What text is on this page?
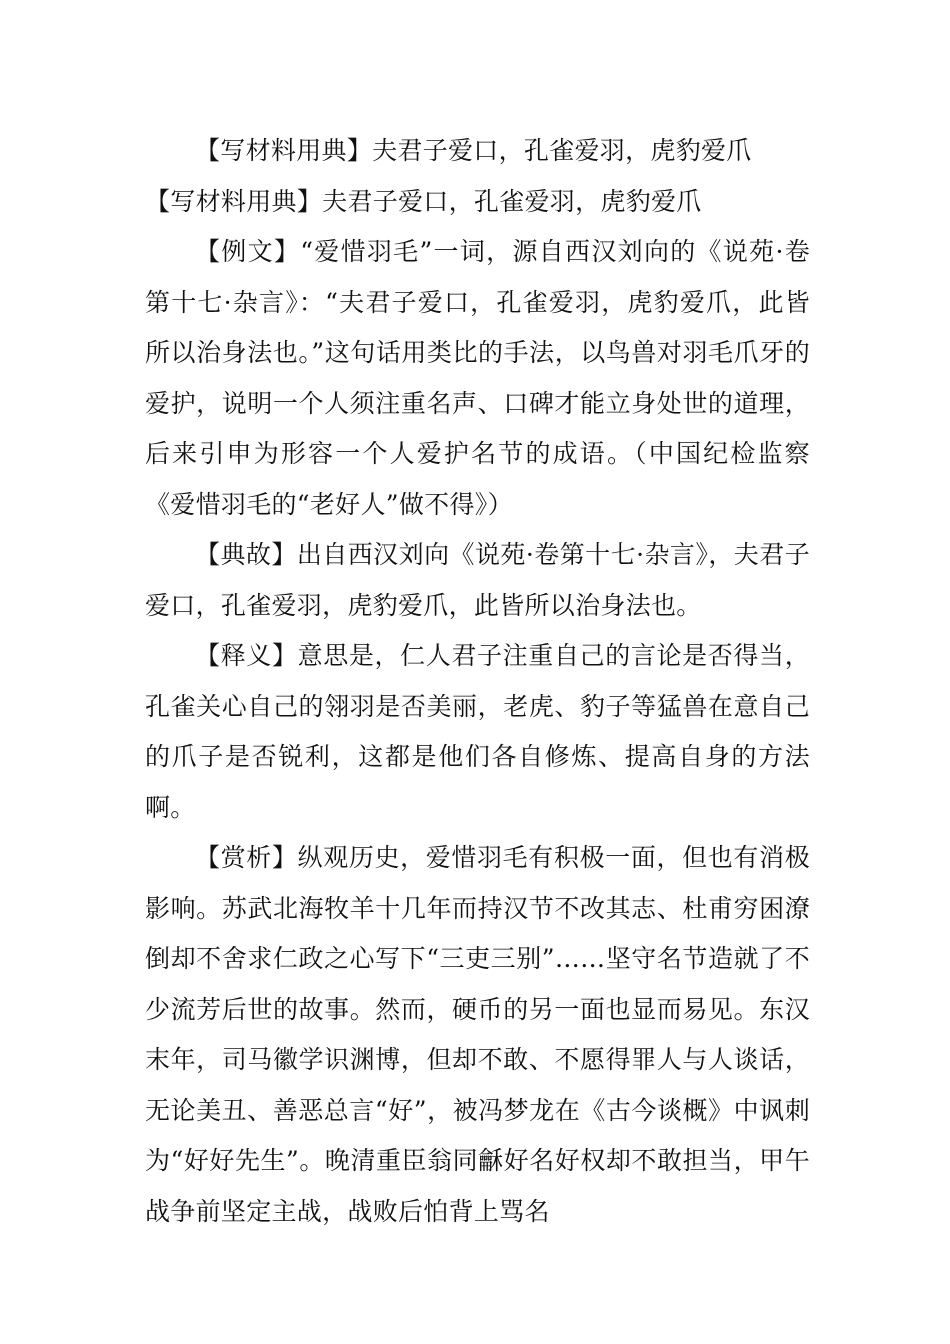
【写材料用典】夫君子爱口，孔雀爱羽，虎豹爱爪

【写材料用典】夫君子爱口，孔雀爱羽，虎豹爱爪

【例文】“爱惜羽毛”一词，源自西汉刘向的《说苑·卷第十七·杂言》：“夫君子爱口，孔雀爱羽，虎豹爱爪，此皆所以治身法也。”这句话用类比的手法，以鸟兽对羽毛爪牙的爱护，说明一个人须注重名声、口碑才能立身处世的道理，后来引申为形容一个人爱护名节的成语。（中国纪检监察《爱惜羽毛的“老好人”做不得》）

【典故】出自西汉刘向《说苑·卷第十七·杂言》，夫君子爱口，孔雀爱羽，虎豹爱爪，此皆所以治身法也。

【释义】意思是，仁人君子注重自己的言论是否得当，孔雀关心自己的翎羽是否美丽，老虎、豹子等猛兽在意自己的爪子是否锐利，这都是他们各自修炼、提高自身的方法啊。

【赏析】纵观历史，爱惜羽毛有积极一面，但也有消极影响。苏武北海牧羊十几年而持汉节不改其志、杜甫穷困潦倒却不舍求仁政之心写下“三吏三别”……坚守名节造就了不少流芳后世的故事。然而，硬币的另一面也显而易见。东汉末年，司马徽学识渊博，但却不敢、不愿得罪人与人谈话，无论美丑、善恶总言“好”，被冯梦龙在《古今谈概》中讽刺为“好好先生”。晚清重臣翁同龢好名好权却不敢担当，甲午战争前坚定主战，战败后怕背上骂名
